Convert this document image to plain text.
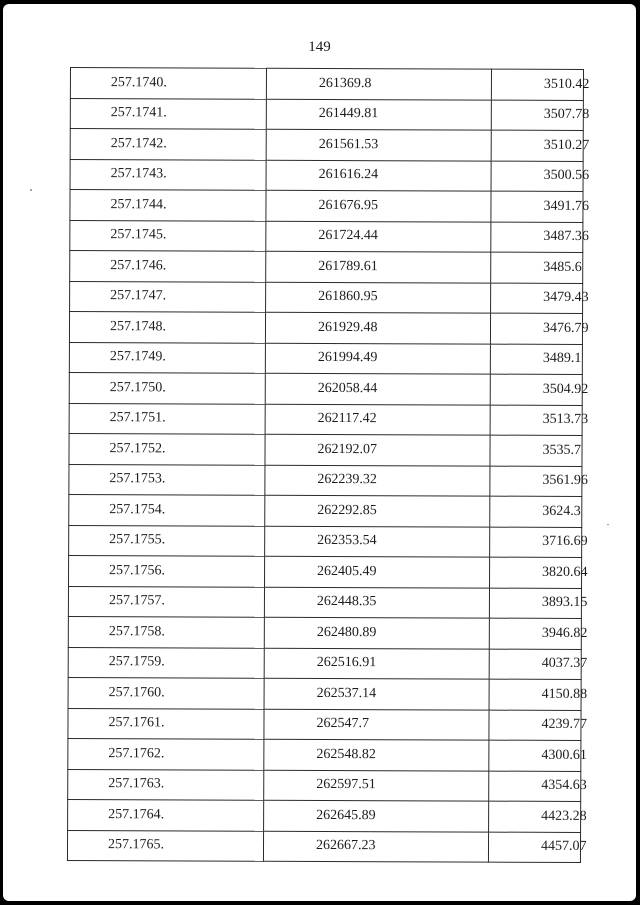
149
257.1740.	261369.8	3510.42
257.1741.	261449.81	3507.78
257.1742.	261561.53	3510.27
257.1743.	261616.24	3500.56
257.1744.	261676.95	3491.76
257.1745.	261724.44	3487.36
257.1746.	261789.61	3485.6
257.1747.	261860.95	3479.43
257.1748.	261929.48	3476.79
257.1749.	261994.49	3489.1
257.1750.	262058.44	3504.92
257.1751.	262117.42	3513.73
257.1752.	262192.07	3535.7
257.1753.	262239.32	3561.96
257.1754.	262292.85	3624.3
257.1755.	262353.54	3716.69
257.1756.	262405.49	3820.64
257.1757.	262448.35	3893.15
257.1758.	262480.89	3946.82
257.1759.	262516.91	4037.37
257.1760.	262537.14	4150.88
257.1761.	262547.7	4239.77
257.1762.	262548.82	4300.61
257.1763.	262597.51	4354.63
257.1764.	262645.89	4423.28
257.1765.	262667.23	4457.07
